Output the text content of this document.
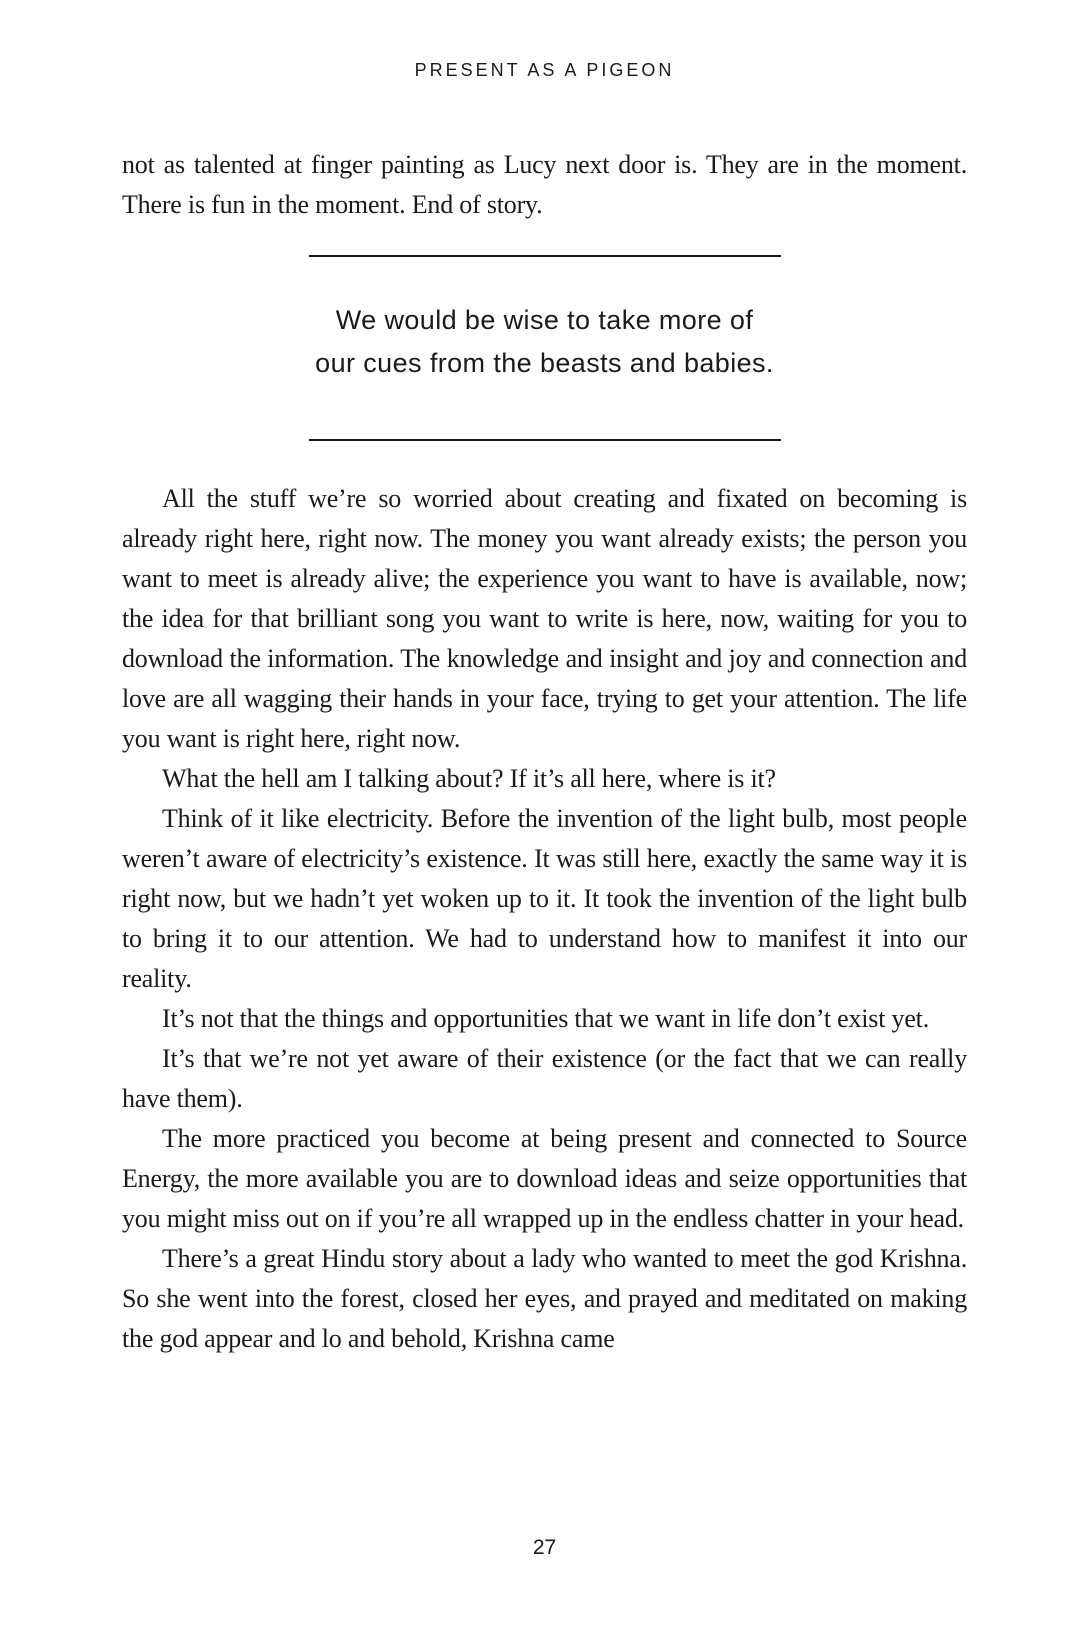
PRESENT AS A PIGEON

not as talented at finger painting as Lucy next door is. They are in the moment. There is fun in the moment. End of story.

We would be wise to take more of
our cues from the beasts and babies.

All the stuff we’re so worried about creating and fixated on becoming is already right here, right now. The money you want already exists; the person you want to meet is already alive; the experience you want to have is available, now; the idea for that brilliant song you want to write is here, now, waiting for you to download the information. The knowledge and insight and joy and connection and love are all wagging their hands in your face, trying to get your attention. The life you want is right here, right now.

What the hell am I talking about? If it’s all here, where is it?

Think of it like electricity. Before the invention of the light bulb, most people weren’t aware of electricity’s existence. It was still here, exactly the same way it is right now, but we hadn’t yet woken up to it. It took the invention of the light bulb to bring it to our attention. We had to understand how to manifest it into our reality.

It’s not that the things and opportunities that we want in life don’t exist yet.

It’s that we’re not yet aware of their existence (or the fact that we can really have them).

The more practiced you become at being present and connected to Source Energy, the more available you are to download ideas and seize opportunities that you might miss out on if you’re all wrapped up in the endless chatter in your head.

There’s a great Hindu story about a lady who wanted to meet the god Krishna. So she went into the forest, closed her eyes, and prayed and meditated on making the god appear and lo and behold, Krishna came

27
